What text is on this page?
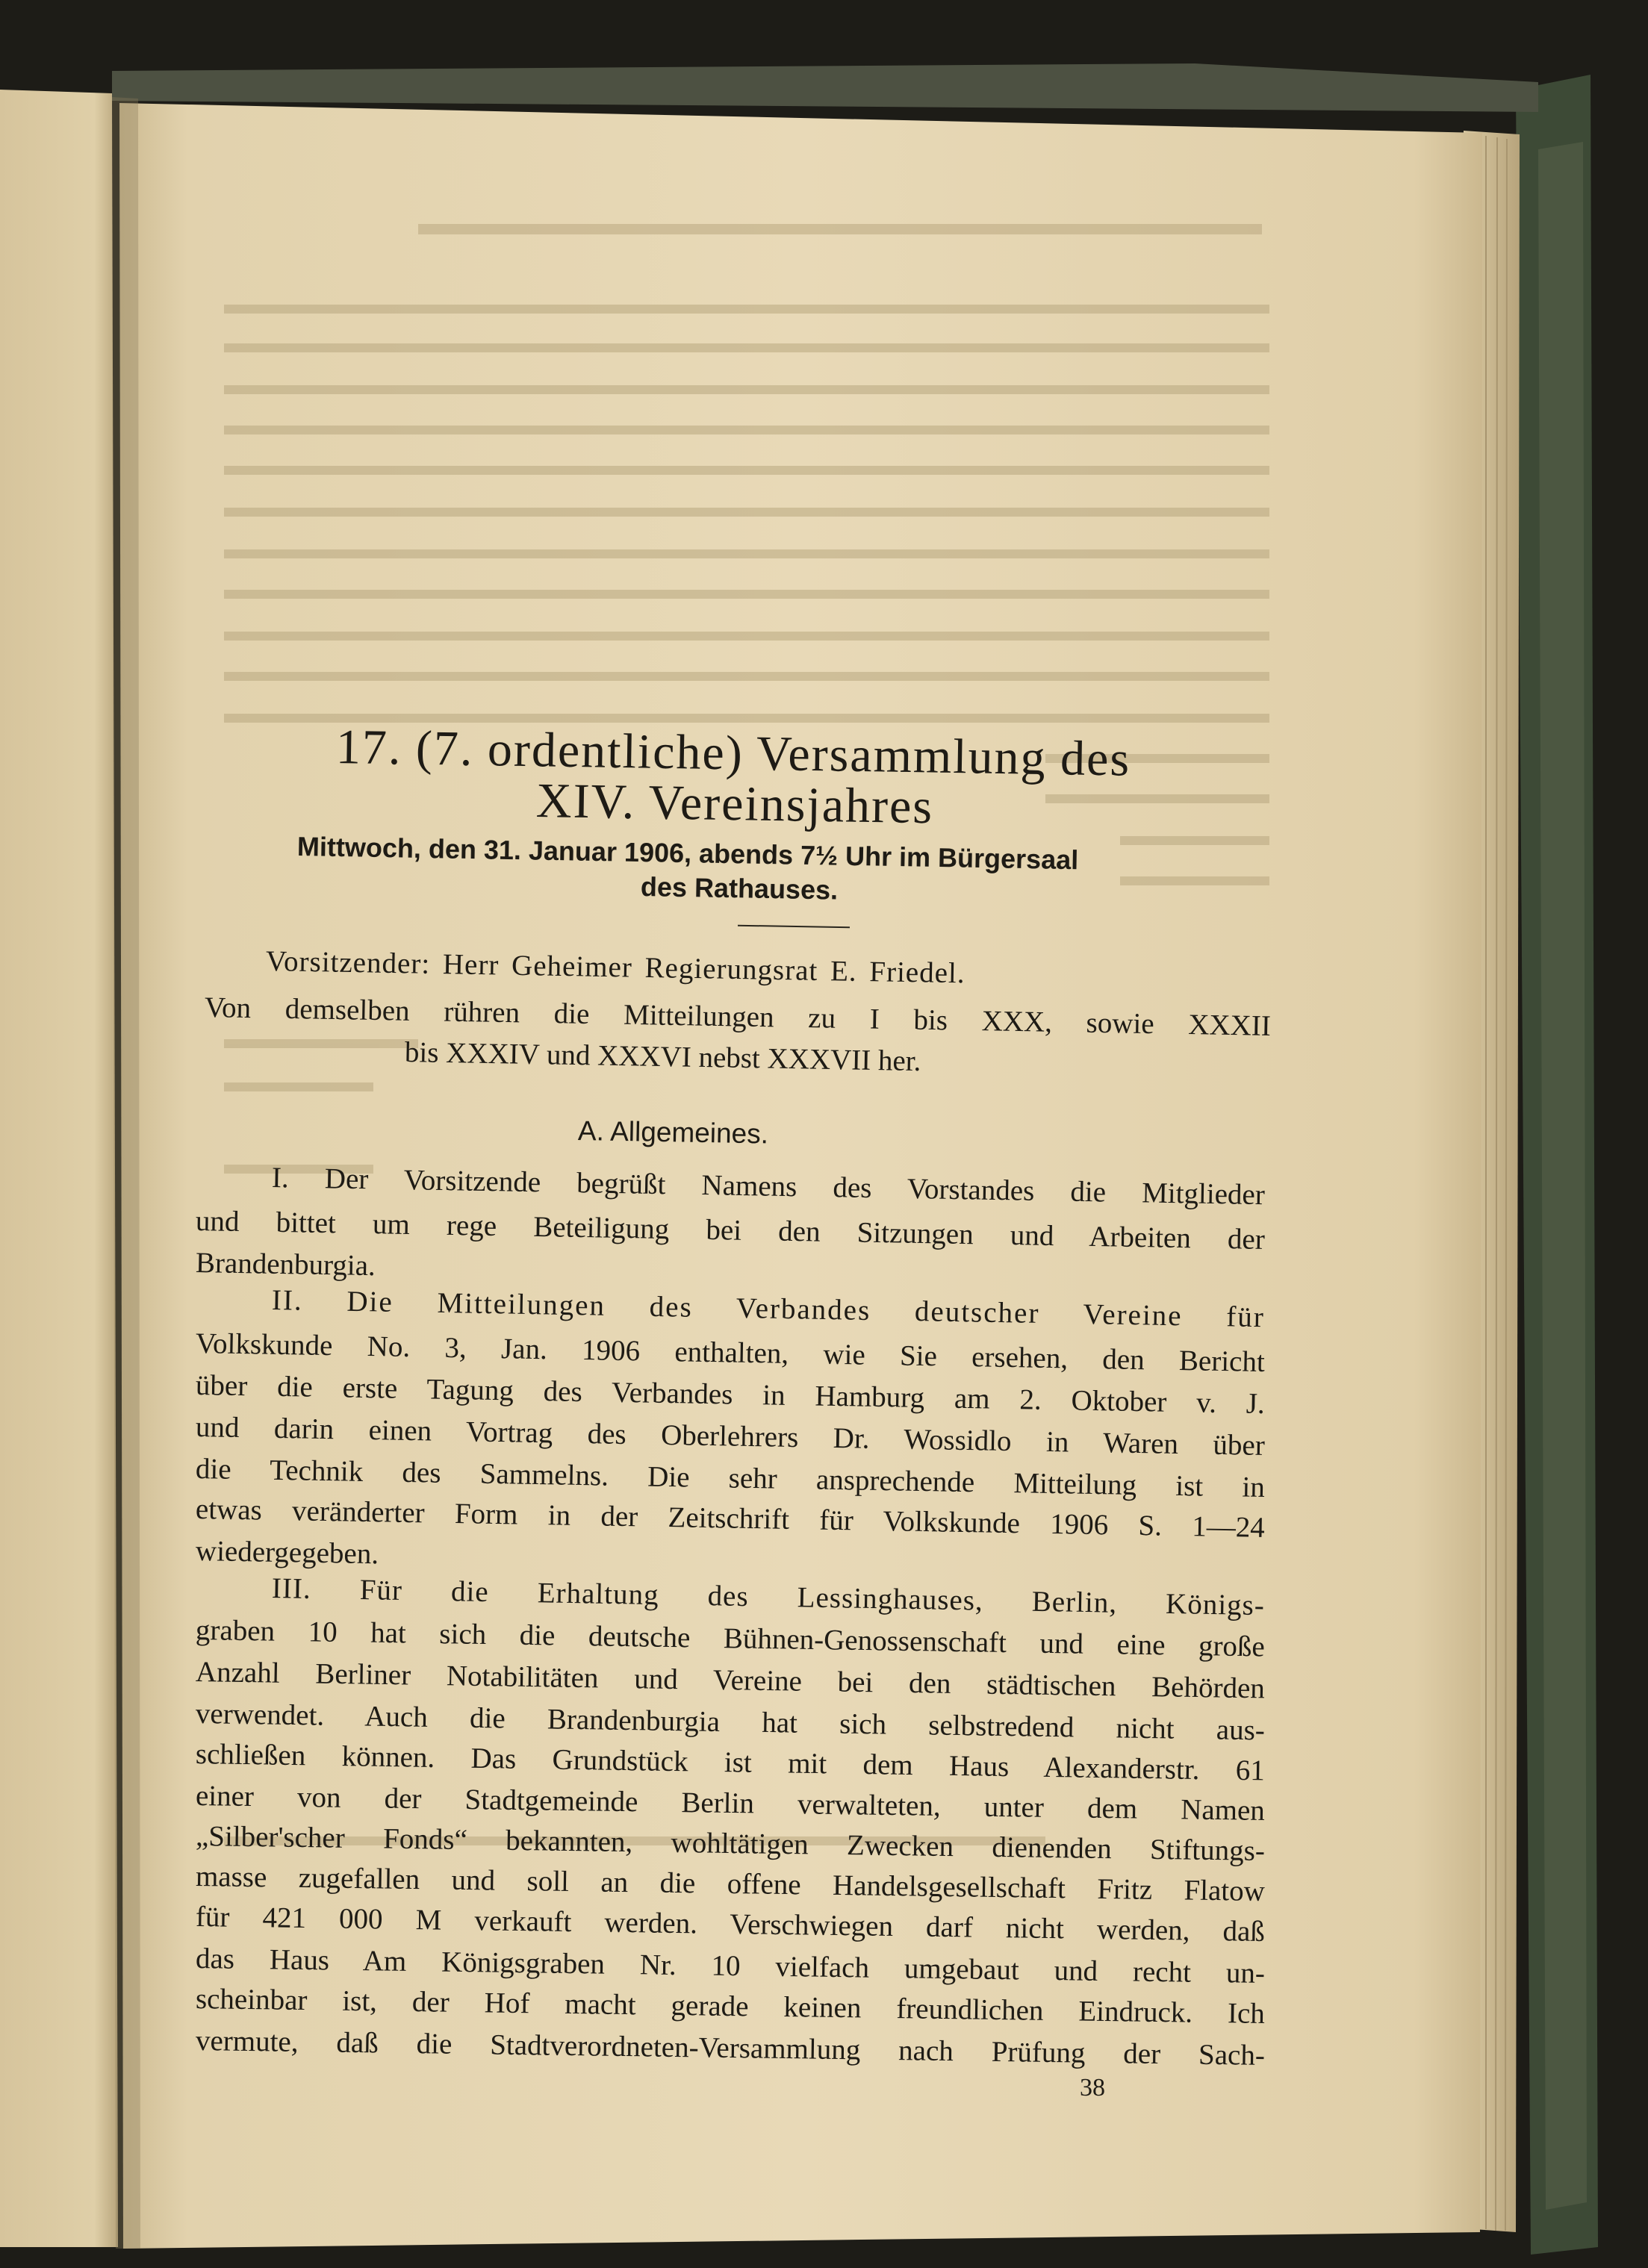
17. (7. ordentliche) Versammlung des
XIV. Vereinsjahres
Mittwoch, den 31. Januar 1906, abends 7½ Uhr im Bürgersaal
des Rathauses.
Vorsitzender: Herr Geheimer Regierungsrat E. Friedel.
Von demselben rühren die Mitteilungen zu I bis XXX, sowie XXXII
bis XXXIV und XXXVI nebst XXXVII her.
A. Allgemeines.
I. Der Vorsitzende begrüßt Namens des Vorstandes die Mitglieder
und bittet um rege Beteiligung bei den Sitzungen und Arbeiten der
Brandenburgia.
II. Die Mitteilungen des Verbandes deutscher Vereine für
Volkskunde No. 3, Jan. 1906 enthalten, wie Sie ersehen, den Bericht
über die erste Tagung des Verbandes in Hamburg am 2. Oktober v. J.
und darin einen Vortrag des Oberlehrers Dr. Wossidlo in Waren über
die Technik des Sammelns. Die sehr ansprechende Mitteilung ist in
etwas veränderter Form in der Zeitschrift für Volkskunde 1906 S. 1—24
wiedergegeben.
III. Für die Erhaltung des Lessinghauses, Berlin, Königs-
graben 10 hat sich die deutsche Bühnen-Genossenschaft und eine große
Anzahl Berliner Notabilitäten und Vereine bei den städtischen Behörden
verwendet. Auch die Brandenburgia hat sich selbstredend nicht aus-
schließen können. Das Grundstück ist mit dem Haus Alexanderstr. 61
einer von der Stadtgemeinde Berlin verwalteten, unter dem Namen
„Silber'scher Fonds“ bekannten, wohltätigen Zwecken dienenden Stiftungs-
masse zugefallen und soll an die offene Handelsgesellschaft Fritz Flatow
für 421 000 M verkauft werden. Verschwiegen darf nicht werden, daß
das Haus Am Königsgraben Nr. 10 vielfach umgebaut und recht un-
scheinbar ist, der Hof macht gerade keinen freundlichen Eindruck. Ich
vermute, daß die Stadtverordneten-Versammlung nach Prüfung der Sach-
38
